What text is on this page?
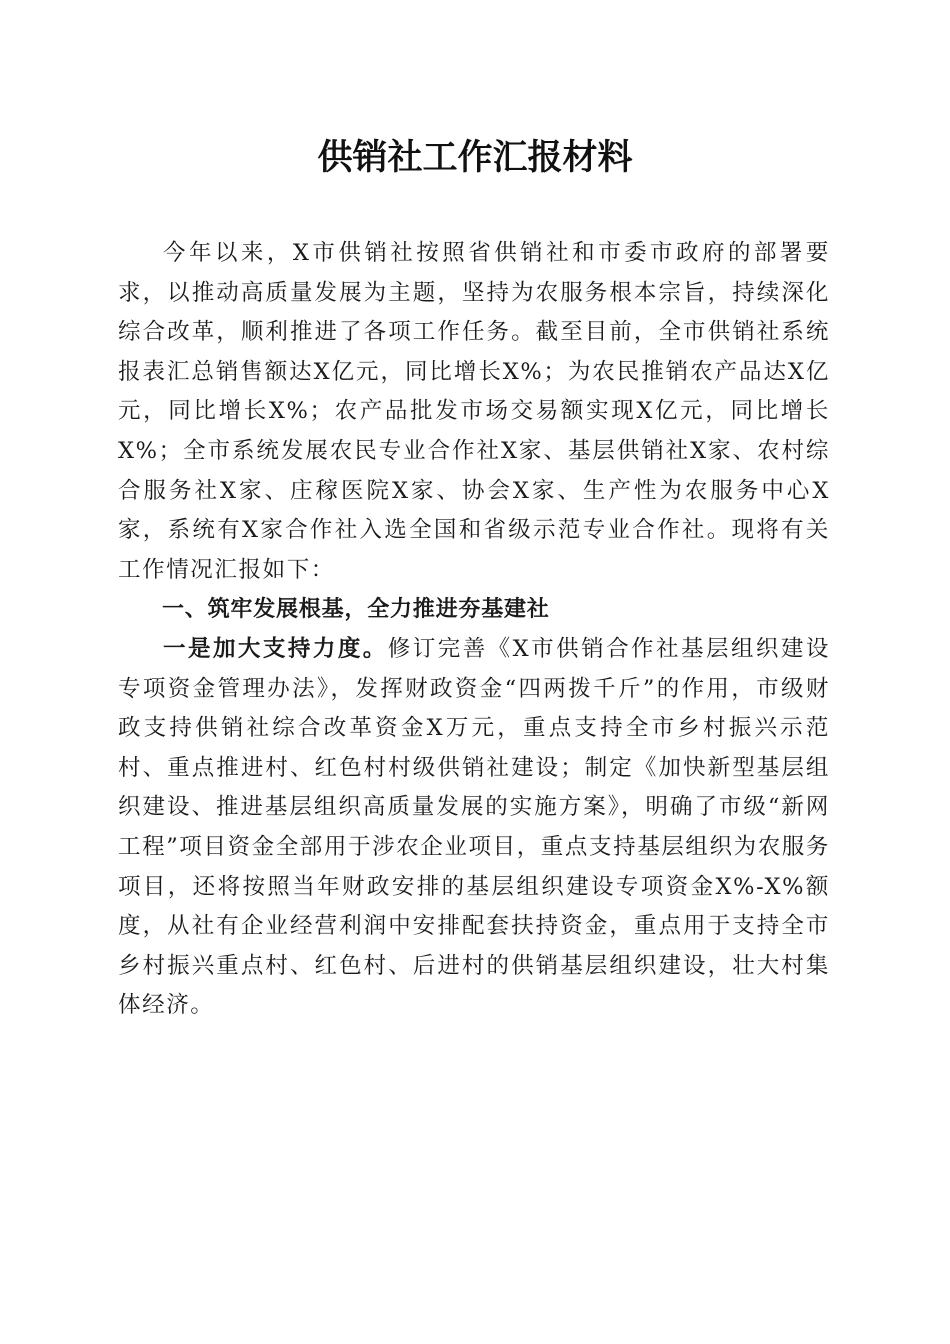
供销社工作汇报材料

今年以来，X市供销社按照省供销社和市委市政府的部署要求，以推动高质量发展为主题，坚持为农服务根本宗旨，持续深化综合改革，顺利推进了各项工作任务。截至目前，全市供销社系统报表汇总销售额达X亿元，同比增长X%；为农民推销农产品达X亿元，同比增长X%；农产品批发市场交易额实现X亿元，同比增长X%；全市系统发展农民专业合作社X家、基层供销社X家、农村综合服务社X家、庄稼医院X家、协会X家、生产性为农服务中心X家，系统有X家合作社入选全国和省级示范专业合作社。现将有关工作情况汇报如下：

一、筑牢发展根基，全力推进夯基建社

一是加大支持力度。修订完善《X市供销合作社基层组织建设专项资金管理办法》，发挥财政资金“四两拨千斤”的作用，市级财政支持供销社综合改革资金X万元，重点支持全市乡村振兴示范村、重点推进村、红色村村级供销社建设；制定《加快新型基层组织建设、推进基层组织高质量发展的实施方案》，明确了市级“新网工程”项目资金全部用于涉农企业项目，重点支持基层组织为农服务项目，还将按照当年财政安排的基层组织建设专项资金X%-X%额度，从社有企业经营利润中安排配套扶持资金，重点用于支持全市乡村振兴重点村、红色村、后进村的供销基层组织建设，壮大村集体经济。
